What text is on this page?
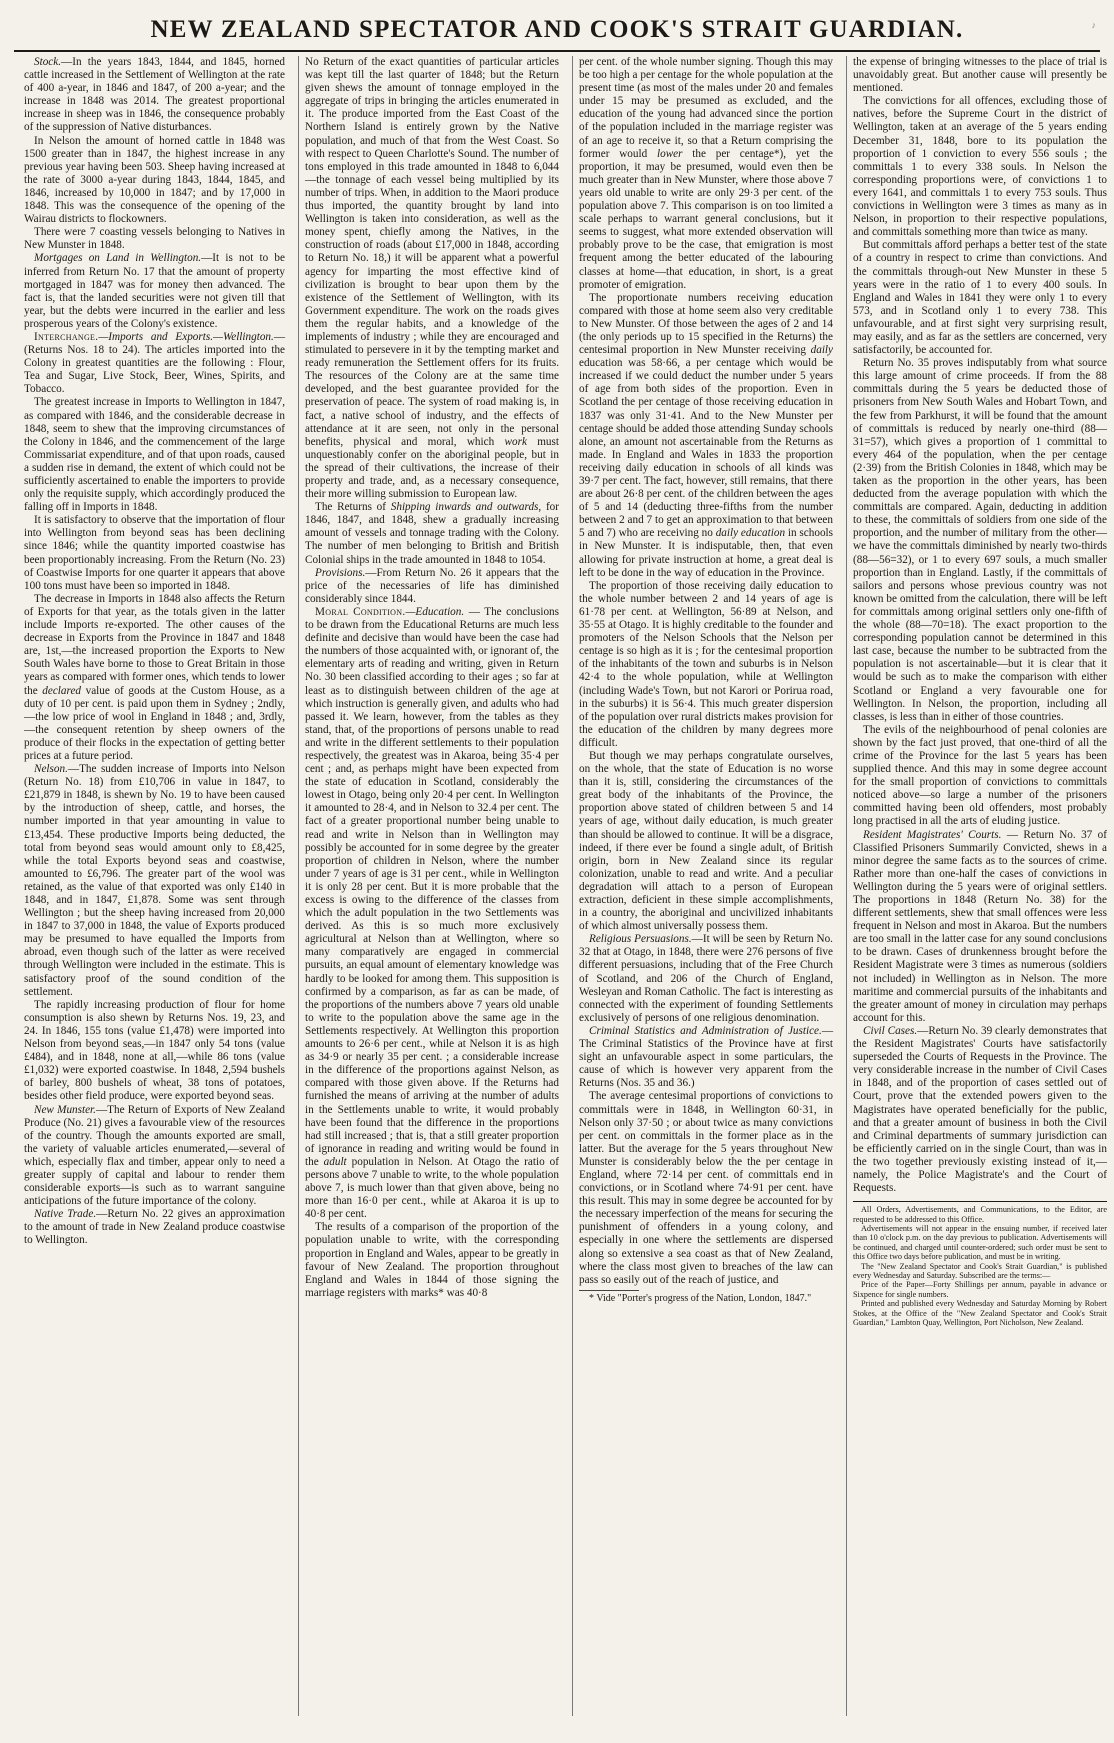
♪
NEW ZEALAND SPECTATOR AND COOK'S STRAIT GUARDIAN.

Stock.—In the years 1843, 1844, and 1845, horned cattle increased in the Settlement of Wellington at the rate of 400 a-year, in 1846 and 1847, of 200 a-year; and the increase in 1848 was 2014. The greatest proportional increase in sheep was in 1846, the consequence probably of the suppression of Native disturbances.

In Nelson the amount of horned cattle in 1848 was 1500 greater than in 1847, the highest increase in any previous year having been 503. Sheep having increased at the rate of 3000 a-year during 1843, 1844, 1845, and 1846, increased by 10,000 in 1847; and by 17,000 in 1848. This was the consequence of the opening of the Wairau districts to flockowners.

There were 7 coasting vessels belonging to Natives in New Munster in 1848.

Mortgages on Land in Wellington.—It is not to be inferred from Return No. 17 that the amount of property mortgaged in 1847 was for money then advanced. The fact is, that the landed securities were not given till that year, but the debts were incurred in the earlier and less prosperous years of the Colony's existence.

Interchange.—Imports and Exports.—Wellington.—(Returns Nos. 18 to 24). The articles imported into the Colony in greatest quantities are the following : Flour, Tea and Sugar, Live Stock, Beer, Wines, Spirits, and Tobacco.

The greatest increase in Imports to Wellington in 1847, as compared with 1846, and the considerable decrease in 1848, seem to shew that the improving circumstances of the Colony in 1846, and the commencement of the large Commissariat expenditure, and of that upon roads, caused a sudden rise in demand, the extent of which could not be sufficiently ascertained to enable the importers to provide only the requisite supply, which accordingly produced the falling off in Imports in 1848.

It is satisfactory to observe that the importation of flour into Wellington from beyond seas has been declining since 1846; while the quantity imported coastwise has been proportionably increasing. From the Return (No. 23) of Coastwise Imports for one quarter it appears that above 100 tons must have been so imported in 1848.

The decrease in Imports in 1848 also affects the Return of Exports for that year, as the totals given in the latter include Imports re-exported. The other causes of the decrease in Exports from the Province in 1847 and 1848 are, 1st,—the increased proportion the Exports to New South Wales have borne to those to Great Britain in those years as compared with former ones, which tends to lower the declared value of goods at the Custom House, as a duty of 10 per cent. is paid upon them in Sydney ; 2ndly,—the low price of wool in England in 1848 ; and, 3rdly,—the consequent retention by sheep owners of the produce of their flocks in the expectation of getting better prices at a future period.

Nelson.—The sudden increase of Imports into Nelson (Return No. 18) from £10,706 in value in 1847, to £21,879 in 1848, is shewn by No. 19 to have been caused by the introduction of sheep, cattle, and horses, the number imported in that year amounting in value to £13,454. These productive Imports being deducted, the total from beyond seas would amount only to £8,425, while the total Exports beyond seas and coastwise, amounted to £6,796. The greater part of the wool was retained, as the value of that exported was only £140 in 1848, and in 1847, £1,878. Some was sent through Wellington ; but the sheep having increased from 20,000 in 1847 to 37,000 in 1848, the value of Exports produced may be presumed to have equalled the Imports from abroad, even though such of the latter as were received through Wellington were included in the estimate. This is satisfactory proof of the sound condition of the settlement.

The rapidly increasing production of flour for home consumption is also shewn by Returns Nos. 19, 23, and 24. In 1846, 155 tons (value £1,478) were imported into Nelson from beyond seas,—in 1847 only 54 tons (value £484), and in 1848, none at all,—while 86 tons (value £1,032) were exported coastwise. In 1848, 2,594 bushels of barley, 800 bushels of wheat, 38 tons of potatoes, besides other field produce, were exported beyond seas.

New Munster.—The Return of Exports of New Zealand Produce (No. 21) gives a favourable view of the resources of the country. Though the amounts exported are small, the variety of valuable articles enumerated,—several of which, especially flax and timber, appear only to need a greater supply of capital and labour to render them considerable exports—is such as to warrant sanguine anticipations of the future importance of the colony.

Native Trade.—Return No. 22 gives an approximation to the amount of trade in New Zealand produce coastwise to Wellington.

No Return of the exact quantities of particular articles was kept till the last quarter of 1848; but the Return given shews the amount of tonnage employed in the aggregate of trips in bringing the articles enumerated in it. The produce imported from the East Coast of the Northern Island is entirely grown by the Native population, and much of that from the West Coast. So with respect to Queen Charlotte's Sound. The number of tons employed in this trade amounted in 1848 to 6,044—the tonnage of each vessel being multiplied by its number of trips. When, in addition to the Maori produce thus imported, the quantity brought by land into Wellington is taken into consideration, as well as the money spent, chiefly among the Natives, in the construction of roads (about £17,000 in 1848, according to Return No. 18,) it will be apparent what a powerful agency for imparting the most effective kind of civilization is brought to bear upon them by the existence of the Settlement of Wellington, with its Government expenditure. The work on the roads gives them the regular habits, and a knowledge of the implements of industry ; while they are encouraged and stimulated to persevere in it by the tempting market and ready remuneration the Settlement offers for its fruits. The resources of the Colony are at the same time developed, and the best guarantee provided for the preservation of peace. The system of road making is, in fact, a native school of industry, and the effects of attendance at it are seen, not only in the personal benefits, physical and moral, which work must unquestionably confer on the aboriginal people, but in the spread of their cultivations, the increase of their property and trade, and, as a necessary consequence, their more willing submission to European law.

The Returns of Shipping inwards and outwards, for 1846, 1847, and 1848, shew a gradually increasing amount of vessels and tonnage trading with the Colony. The number of men belonging to British and British Colonial ships in the trade amounted in 1848 to 1054.

Provisions.—From Return No. 26 it appears that the price of the necessaries of life has diminished considerably since 1844.

Moral Condition.—Education. — The conclusions to be drawn from the Educational Returns are much less definite and decisive than would have been the case had the numbers of those acquainted with, or ignorant of, the elementary arts of reading and writing, given in Return No. 30 been classified according to their ages ; so far at least as to distinguish between children of the age at which instruction is generally given, and adults who had passed it. We learn, however, from the tables as they stand, that, of the proportions of persons unable to read and write in the different settlements to their population respectively, the greatest was in Akaroa, being 35·4 per cent ; and, as perhaps might have been expected from the state of education in Scotland, considerably the lowest in Otago, being only 20·4 per cent. In Wellington it amounted to 28·4, and in Nelson to 32.4 per cent. The fact of a greater proportional number being unable to read and write in Nelson than in Wellington may possibly be accounted for in some degree by the greater proportion of children in Nelson, where the number under 7 years of age is 31 per cent., while in Wellington it is only 28 per cent. But it is more probable that the excess is owing to the difference of the classes from which the adult population in the two Settlements was derived. As this is so much more exclusively agricultural at Nelson than at Wellington, where so many comparatively are engaged in commercial pursuits, an equal amount of elementary knowledge was hardly to be looked for among them. This supposition is confirmed by a comparison, as far as can be made, of the proportions of the numbers above 7 years old unable to write to the population above the same age in the Settlements respectively. At Wellington this proportion amounts to 26·6 per cent., while at Nelson it is as high as 34·9 or nearly 35 per cent. ; a considerable increase in the difference of the proportions against Nelson, as compared with those given above. If the Returns had furnished the means of arriving at the number of adults in the Settlements unable to write, it would probably have been found that the difference in the proportions had still increased ; that is, that a still greater proportion of ignorance in reading and writing would be found in the adult population in Nelson. At Otago the ratio of persons above 7 unable to write, to the whole population above 7, is much lower than that given above, being no more than 16·0 per cent., while at Akaroa it is up to 40·8 per cent.

The results of a comparison of the proportion of the population unable to write, with the corresponding proportion in England and Wales, appear to be greatly in favour of New Zealand. The proportion throughout England and Wales in 1844 of those signing the marriage registers with marks* was 40·8

per cent. of the whole number signing. Though this may be too high a per centage for the whole population at the present time (as most of the males under 20 and females under 15 may be presumed as excluded, and the education of the young had advanced since the portion of the population included in the marriage register was of an age to receive it, so that a Return comprising the former would lower the per centage*), yet the proportion, it may be presumed, would even then be much greater than in New Munster, where those above 7 years old unable to write are only 29·3 per cent. of the population above 7. This comparison is on too limited a scale perhaps to warrant general conclusions, but it seems to suggest, what more extended observation will probably prove to be the case, that emigration is most frequent among the better educated of the labouring classes at home—that education, in short, is a great promoter of emigration.

The proportionate numbers receiving education compared with those at home seem also very creditable to New Munster. Of those between the ages of 2 and 14 (the only periods up to 15 specified in the Returns) the centesimal proportion in New Munster receiving daily education was 58·66, a per centage which would be increased if we could deduct the number under 5 years of age from both sides of the proportion. Even in Scotland the per centage of those receiving education in 1837 was only 31·41. And to the New Munster per centage should be added those attending Sunday schools alone, an amount not ascertainable from the Returns as made. In England and Wales in 1833 the proportion receiving daily education in schools of all kinds was 39·7 per cent. The fact, however, still remains, that there are about 26·8 per cent. of the children between the ages of 5 and 14 (deducting three-fifths from the number between 2 and 7 to get an approximation to that between 5 and 7) who are receiving no daily education in schools in New Munster. It is indisputable, then, that even allowing for private instruction at home, a great deal is left to be done in the way of education in the Province.

The proportion of those receiving daily education to the whole number between 2 and 14 years of age is 61·78 per cent. at Wellington, 56·89 at Nelson, and 35·55 at Otago. It is highly creditable to the founder and promoters of the Nelson Schools that the Nelson per centage is so high as it is ; for the centesimal proportion of the inhabitants of the town and suburbs is in Nelson 42·4 to the whole population, while at Wellington (including Wade's Town, but not Karori or Porirua road, in the suburbs) it is 56·4. This much greater dispersion of the population over rural districts makes provision for the education of the children by many degrees more difficult.

But though we may perhaps congratulate ourselves, on the whole, that the state of Education is no worse than it is, still, considering the circumstances of the great body of the inhabitants of the Province, the proportion above stated of children between 5 and 14 years of age, without daily education, is much greater than should be allowed to continue. It will be a disgrace, indeed, if there ever be found a single adult, of British origin, born in New Zealand since its regular colonization, unable to read and write. And a peculiar degradation will attach to a person of European extraction, deficient in these simple accomplishments, in a country, the aboriginal and uncivilized inhabitants of which almost universally possess them.

Religious Persuasions.—It will be seen by Return No. 32 that at Otago, in 1848, there were 276 persons of five different persuasions, including that of the Free Church of Scotland, and 206 of the Church of England, Wesleyan and Roman Catholic. The fact is interesting as connected with the experiment of founding Settlements exclusively of persons of one religious denomination.

Criminal Statistics and Administration of Justice.—The Criminal Statistics of the Province have at first sight an unfavourable aspect in some particulars, the cause of which is however very apparent from the Returns (Nos. 35 and 36.)

The average centesimal proportions of convictions to committals were in 1848, in Wellington 60·31, in Nelson only 37·50 ; or about twice as many convictions per cent. on committals in the former place as in the latter. But the average for the 5 years throughout New Munster is considerably below the the per centage in England, where 72·14 per cent. of committals end in convictions, or in Scotland where 74·91 per cent. have this result. This may in some degree be accounted for by the necessary imperfection of the means for securing the punishment of offenders in a young colony, and especially in one where the settlements are dispersed along so extensive a sea coast as that of New Zealand, where the class most given to breaches of the law can pass so easily out of the reach of justice, and

* Vide "Porter's progress of the Nation, London, 1847."

the expense of bringing witnesses to the place of trial is unavoidably great. But another cause will presently be mentioned.

The convictions for all offences, excluding those of natives, before the Supreme Court in the district of Wellington, taken at an average of the 5 years ending December 31, 1848, bore to its population the proportion of 1 conviction to every 556 souls ; the committals 1 to every 338 souls. In Nelson the corresponding proportions were, of convictions 1 to every 1641, and committals 1 to every 753 souls. Thus convictions in Wellington were 3 times as many as in Nelson, in proportion to their respective populations, and committals something more than twice as many.

But committals afford perhaps a better test of the state of a country in respect to crime than convictions. And the committals through-out New Munster in these 5 years were in the ratio of 1 to every 400 souls. In England and Wales in 1841 they were only 1 to every 573, and in Scotland only 1 to every 738. This unfavourable, and at first sight very surprising result, may easily, and as far as the settlers are concerned, very satisfactorily, be accounted for.

Return No. 35 proves indisputably from what source this large amount of crime proceeds. If from the 88 committals during the 5 years be deducted those of prisoners from New South Wales and Hobart Town, and the few from Parkhurst, it will be found that the amount of committals is reduced by nearly one-third (88—31=57), which gives a proportion of 1 committal to every 464 of the population, when the per centage (2·39) from the British Colonies in 1848, which may be taken as the proportion in the other years, has been deducted from the average population with which the committals are compared. Again, deducting in addition to these, the committals of soldiers from one side of the proportion, and the number of military from the other—we have the committals diminished by nearly two-thirds (88—56=32), or 1 to every 697 souls, a much smaller proportion than in England. Lastly, if the committals of sailors and persons whose previous country was not known be omitted from the calculation, there will be left for committals among original settlers only one-fifth of the whole (88—70=18). The exact proportion to the corresponding population cannot be determined in this last case, because the number to be subtracted from the population is not ascertainable—but it is clear that it would be such as to make the comparison with either Scotland or England a very favourable one for Wellington. In Nelson, the proportion, including all classes, is less than in either of those countries.

The evils of the neighbourhood of penal colonies are shown by the fact just proved, that one-third of all the crime of the Province for the last 5 years has been supplied thence. And this may in some degree account for the small proportion of convictions to committals noticed above—so large a number of the prisoners committed having been old offenders, most probably long practised in all the arts of eluding justice.

Resident Magistrates' Courts. — Return No. 37 of Classified Prisoners Summarily Convicted, shews in a minor degree the same facts as to the sources of crime. Rather more than one-half the cases of convictions in Wellington during the 5 years were of original settlers. The proportions in 1848 (Return No. 38) for the different settlements, shew that small offences were less frequent in Nelson and most in Akaroa. But the numbers are too small in the latter case for any sound conclusions to be drawn. Cases of drunkenness brought before the Resident Magistrate were 3 times as numerous (soldiers not included) in Wellington as in Nelson. The more maritime and commercial pursuits of the inhabitants and the greater amount of money in circulation may perhaps account for this.

Civil Cases.—Return No. 39 clearly demonstrates that the Resident Magistrates' Courts have satisfactorily superseded the Courts of Requests in the Province. The very considerable increase in the number of Civil Cases in 1848, and of the proportion of cases settled out of Court, prove that the extended powers given to the Magistrates have operated beneficially for the public, and that a greater amount of business in both the Civil and Criminal departments of summary jurisdiction can be efficiently carried on in the single Court, than was in the two together previously existing instead of it,—namely, the Police Magistrate's and the Court of Requests.

All Orders, Advertisements, and Communications, to the Editor, are requested to be addressed to this Office.

Advertisements will not appear in the ensuing number, if received later than 10 o'clock p.m. on the day previous to publication. Advertisements will be continued, and charged until counter-ordered; such order must be sent to this Office two days before publication, and must be in writing.

The "New Zealand Spectator and Cook's Strait Guardian," is published every Wednesday and Saturday. Subscribed are the terms:—

Price of the Paper—Forty Shillings per annum, payable in advance or Sixpence for single numbers.

Printed and published every Wednesday and Saturday Morning by Robert Stokes, at the Office of the "New Zealand Spectator and Cook's Strait Guardian," Lambton Quay, Wellington, Port Nicholson, New Zealand.
